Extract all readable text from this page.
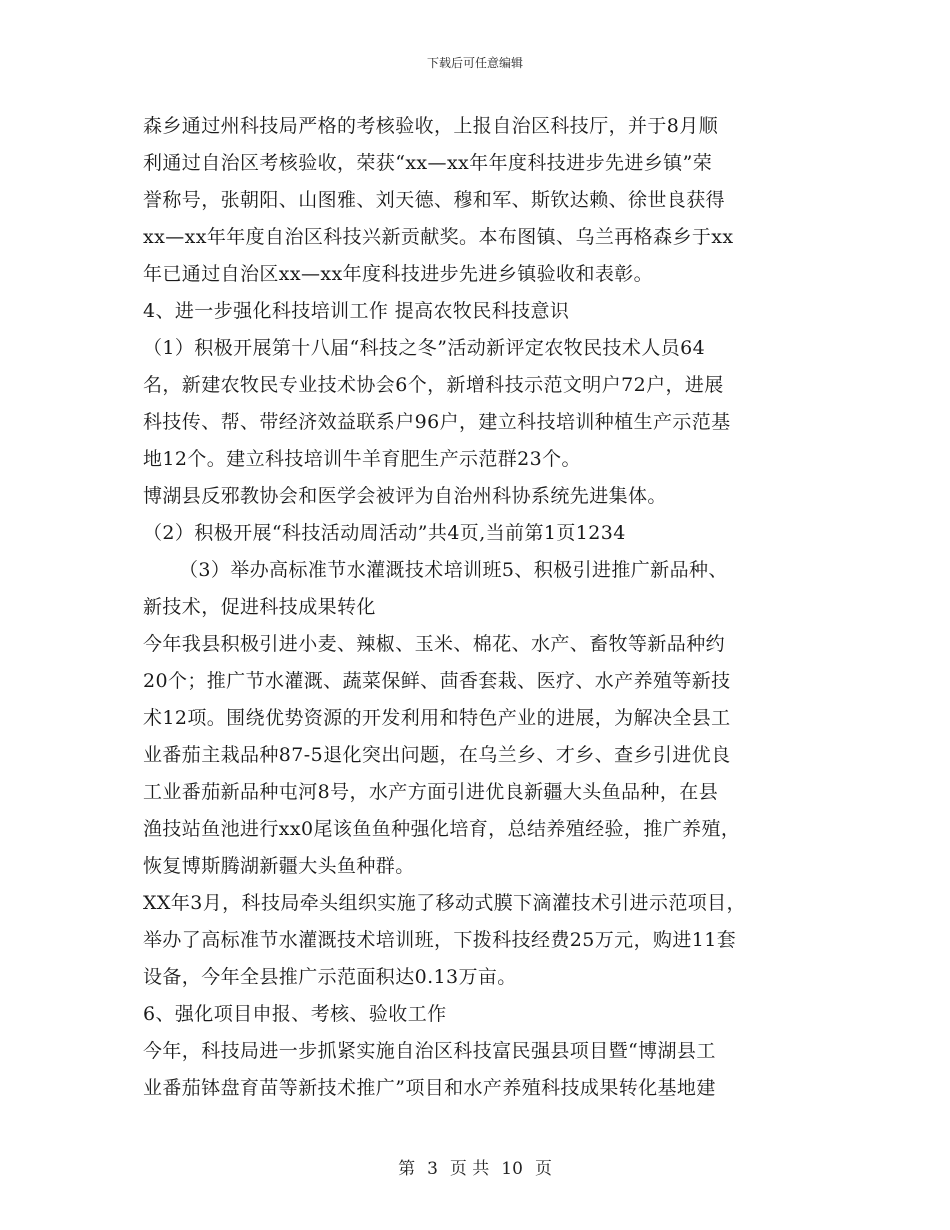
下载后可任意编辑

森乡通过州科技局严格的考核验收，上报自治区科技厅，并于8月顺

利通过自治区考核验收，荣获“xx—xx年年度科技进步先进乡镇”荣

誉称号，张朝阳、山图雅、刘天德、穆和军、斯钦达赖、徐世良获得

xx—xx年年度自治区科技兴新贡献奖。本布图镇、乌兰再格森乡于xx

年已通过自治区xx—xx年度科技进步先进乡镇验收和表彰。

4、进一步强化科技培训工作 提高农牧民科技意识

（1）积极开展第十八届“科技之冬”活动新评定农牧民技术人员64

名，新建农牧民专业技术协会6个，新增科技示范文明户72户，进展

科技传、帮、带经济效益联系户96户，建立科技培训种植生产示范基

地12个。建立科技培训牛羊育肥生产示范群23个。

博湖县反邪教协会和医学会被评为自治州科协系统先进集体。

（2）积极开展“科技活动周活动”共4页,当前第1页1234

（3）举办高标准节水灌溉技术培训班5、积极引进推广新品种、

新技术，促进科技成果转化

今年我县积极引进小麦、辣椒、玉米、棉花、水产、畜牧等新品种约

20个；推广节水灌溉、蔬菜保鲜、茴香套栽、医疗、水产养殖等新技

术12项。围绕优势资源的开发利用和特色产业的进展，为解决全县工

业番茄主栽品种87-5退化突出问题，在乌兰乡、才乡、查乡引进优良

工业番茄新品种屯河8号，水产方面引进优良新疆大头鱼品种，在县

渔技站鱼池进行xx0尾该鱼鱼种强化培育，总结养殖经验，推广养殖，

恢复博斯腾湖新疆大头鱼种群。

XX年3月，科技局牵头组织实施了移动式膜下滴灌技术引进示范项目，

举办了高标准节水灌溉技术培训班，下拨科技经费25万元，购进11套

设备，今年全县推广示范面积达0.13万亩。

6、强化项目申报、考核、验收工作

今年，科技局进一步抓紧实施自治区科技富民强县项目暨“博湖县工

业番茄钵盘育苗等新技术推广”项目和水产养殖科技成果转化基地建

第 3 页 共 10 页
